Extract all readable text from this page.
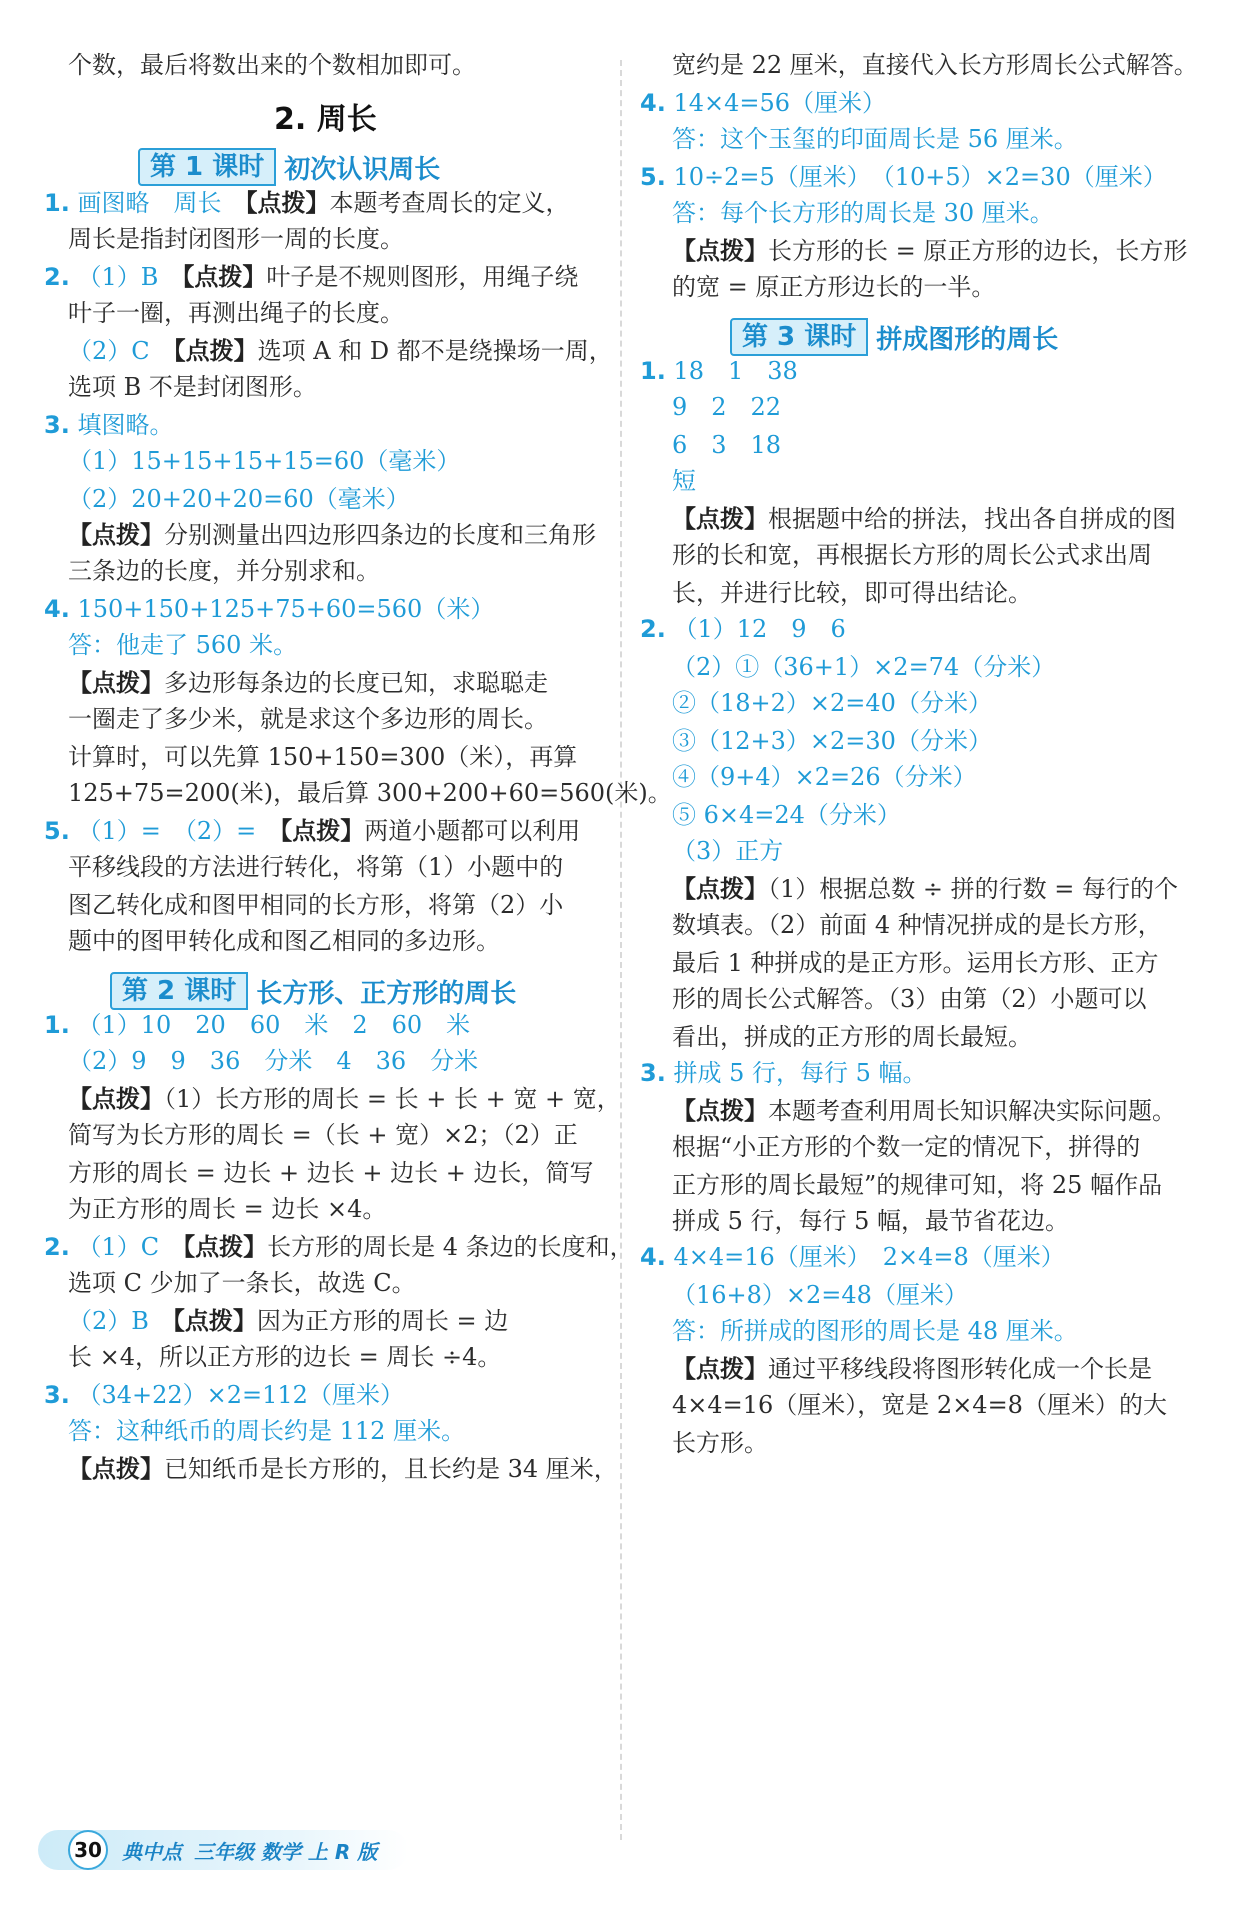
个数，最后将数出来的个数相加即可。
2. 周长
第 1 课时 初次认识周长
1. 画图略　周长　 【点拨】本题考查周长的定义，
周长是指封闭图形一周的长度。
2. （1）B　 【点拨】叶子是不规则图形，用绳子绕
叶子一圈，再测出绳子的长度。
（2）C　 【点拨】选项 A 和 D 都不是绕操场一周，
选项 B 不是封闭图形。
3. 填图略。
（1）15+15+15+15=60（毫米）
（2）20+20+20=60（毫米）
【点拨】分别测量出四边形四条边的长度和三角形
三条边的长度，并分别求和。
4. 150+150+125+75+60=560（米）
答：他走了 560 米。
【点拨】多边形每条边的长度已知，求聪聪走
一圈走了多少米，就是求这个多边形的周长。
计算时，可以先算 150+150=300（米），再算
125+75=200(米)，最后算 300+200+60=560(米)。
5. （1）=　（2）=　 【点拨】两道小题都可以利用
平移线段的方法进行转化，将第（1）小题中的
图乙转化成和图甲相同的长方形，将第（2）小
题中的图甲转化成和图乙相同的多边形。
第 2 课时 长方形、正方形的周长
1. （1）10　20　60　米　2　60　米
（2）9　9　36　分米　4　36　分米
【点拨】（1）长方形的周长 = 长 + 长 + 宽 + 宽，
简写为长方形的周长 =（长 + 宽）×2；（2）正
方形的周长 = 边长 + 边长 + 边长 + 边长，简写
为正方形的周长 = 边长 ×4。
2. （1）C　 【点拨】长方形的周长是 4 条边的长度和，
选项 C 少加了一条长，故选 C。
（2）B　 【点拨】因为正方形的周长 = 边
长 ×4，所以正方形的边长 = 周长 ÷4。
3. （34+22）×2=112（厘米）
答：这种纸币的周长约是 112 厘米。
【点拨】已知纸币是长方形的，且长约是 34 厘米，
宽约是 22 厘米，直接代入长方形周长公式解答。
4. 14×4=56（厘米）
答：这个玉玺的印面周长是 56 厘米。
5. 10÷2=5（厘米）　（10+5）×2=30（厘米）
答：每个长方形的周长是 30 厘米。
【点拨】长方形的长 = 原正方形的边长，长方形
的宽 = 原正方形边长的一半。
第 3 课时 拼成图形的周长
1. 18　1　38
9　2　22
6　3　18
短
【点拨】根据题中给的拼法，找出各自拼成的图
形的长和宽，再根据长方形的周长公式求出周
长，并进行比较，即可得出结论。
2. （1）12　9　6
（2）①（36+1）×2=74（分米）
②（18+2）×2=40（分米）
③（12+3）×2=30（分米）
④（9+4）×2=26（分米）
⑤ 6×4=24（分米）
（3）正方
【点拨】（1）根据总数 ÷ 拼的行数 = 每行的个
数填表。（2）前面 4 种情况拼成的是长方形，
最后 1 种拼成的是正方形。运用长方形、正方
形的周长公式解答。（3）由第（2）小题可以
看出，拼成的正方形的周长最短。
3. 拼成 5 行，每行 5 幅。
【点拨】本题考查利用周长知识解决实际问题。
根据“小正方形的个数一定的情况下，拼得的
正方形的周长最短”的规律可知，将 25 幅作品
拼成 5 行，每行 5 幅，最节省花边。
4. 4×4=16（厘米）　2×4=8（厘米）
（16+8）×2=48（厘米）
答：所拼成的图形的周长是 48 厘米。
【点拨】通过平移线段将图形转化成一个长是
4×4=16（厘米），宽是 2×4=8（厘米）的大
长方形。
30	典中点 三年级 数学 上 R 版
